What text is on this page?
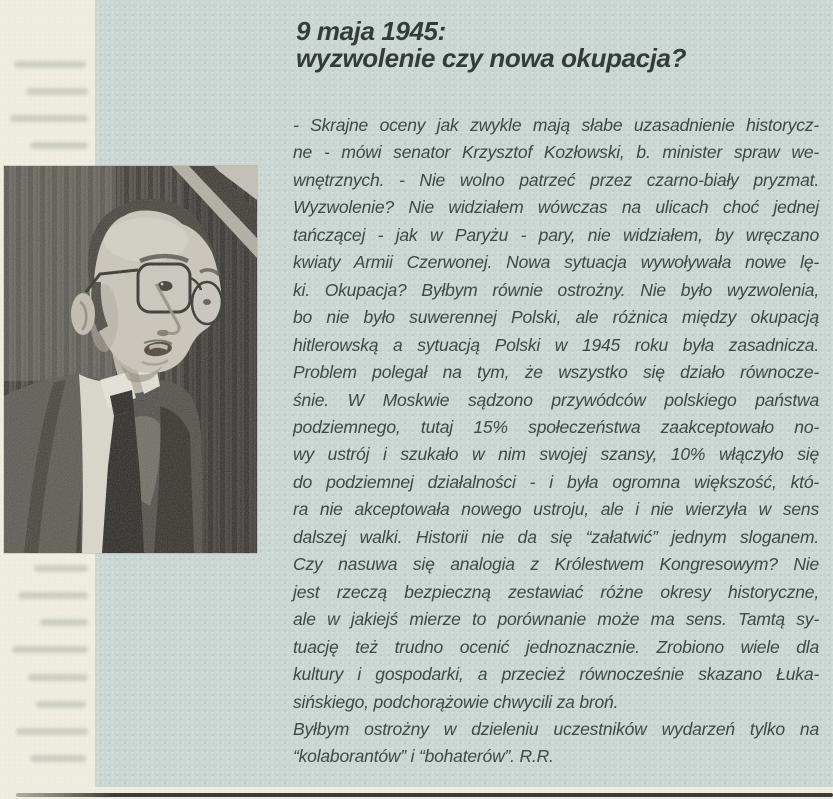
9 maja 1945:
wyzwolenie czy nowa okupacja?
- Skrajne oceny jak zwykle mają słabe uzasadnienie historycz-
ne - mówi senator Krzysztof Kozłowski, b. minister spraw we-
wnętrznych. - Nie wolno patrzeć przez czarno-biały pryzmat.
Wyzwolenie? Nie widziałem wówczas na ulicach choć jednej
tańczącej - jak w Paryżu - pary, nie widziałem, by wręczano
kwiaty Armii Czerwonej. Nowa sytuacja wywoływała nowe lę-
ki. Okupacja? Byłbym równie ostrożny. Nie było wyzwolenia,
bo nie było suwerennej Polski, ale różnica między okupacją
hitlerowską a sytuacją Polski w 1945 roku była zasadnicza.
Problem polegał na tym, że wszystko się działo równocze-
śnie. W Moskwie sądzono przywódców polskiego państwa
podziemnego, tutaj 15% społeczeństwa zaakceptowało no-
wy ustrój i szukało w nim swojej szansy, 10% włączyło się
do podziemnej działalności - i była ogromna większość, któ-
ra nie akceptowała nowego ustroju, ale i nie wierzyła w sens
dalszej walki. Historii nie da się “załatwić” jednym sloganem.
Czy nasuwa się analogia z Królestwem Kongresowym? Nie
jest rzeczą bezpieczną zestawiać różne okresy historyczne,
ale w jakiejś mierze to porównanie może ma sens. Tamtą sy-
tuację też trudno ocenić jednoznacznie. Zrobiono wiele dla
kultury i gospodarki, a przecież równocześnie skazano Łuka-
sińskiego, podchorążowie chwycili za broń.
Byłbym ostrożny w dzieleniu uczestników wydarzeń tylko na
“kolaborantów” i “bohaterów”. R.R.
